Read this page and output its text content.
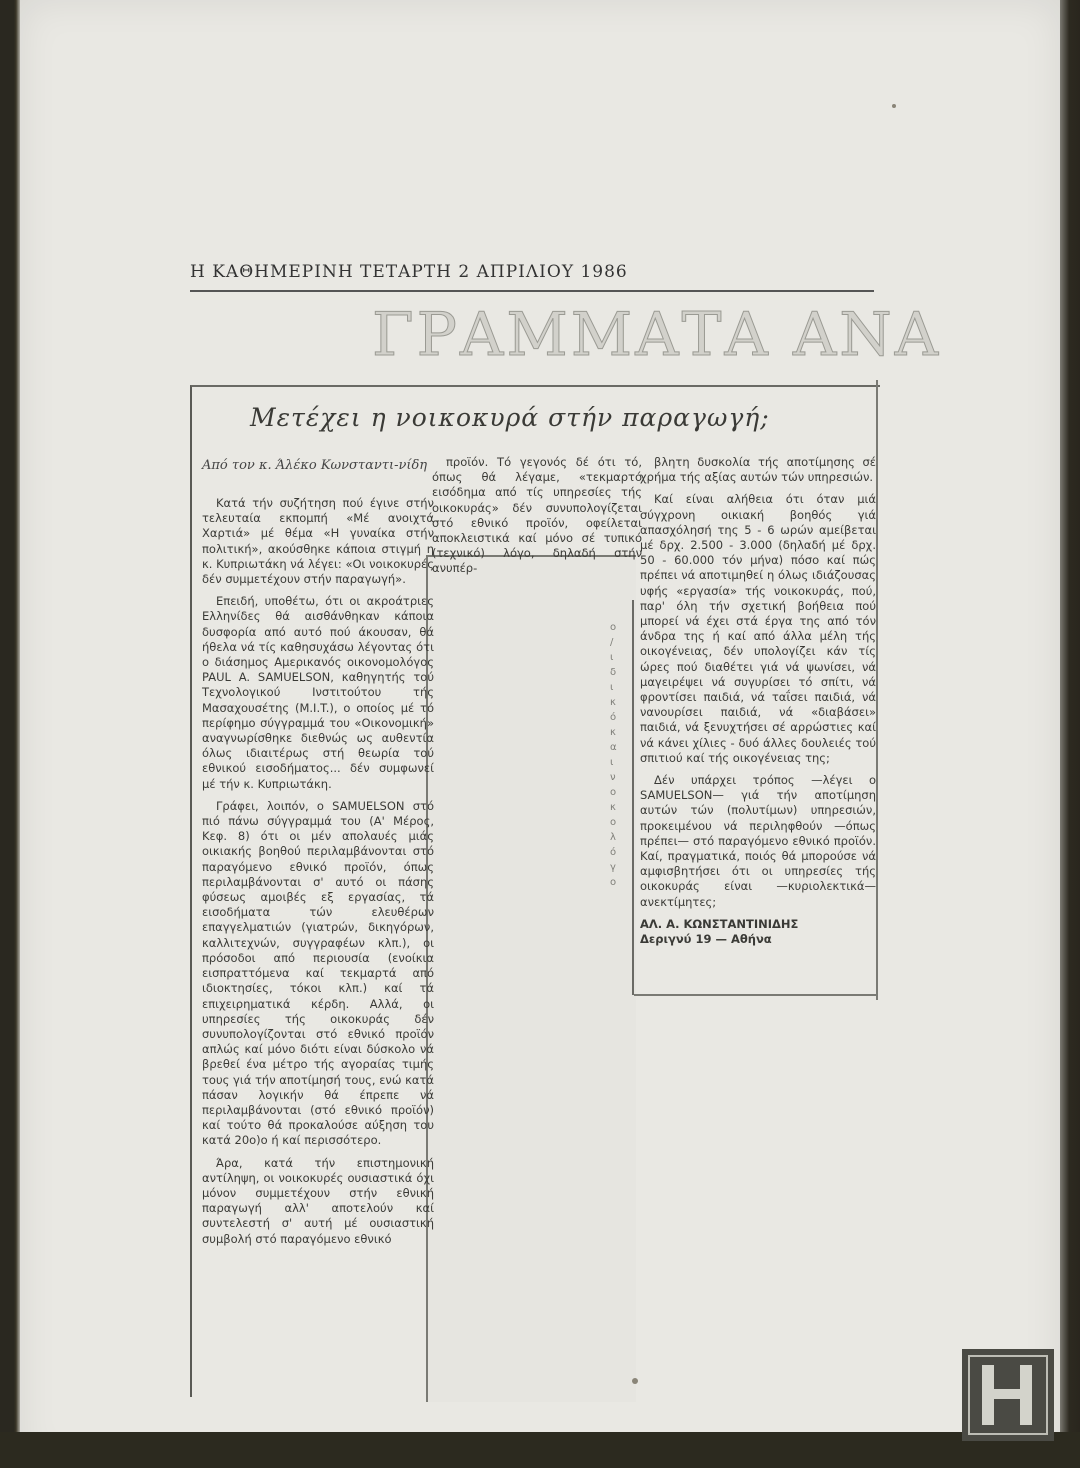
Η ΚΑΘΗΜΕΡΙΝΗ ΤΕΤΑΡΤΗ 2 ΑΠΡΙΛΙΟΥ 1986
ΓΡΑΜΜΑΤΑ ΑΝΑ
Μετέχει η νοικοκυρά στήν παραγωγή;
Από τον κ. Άλέκο Κωνσταντι-νίδη
ο
/
ι
δ
ι
κ
ό
κ
α
ι
ν
ο
κ
ο
λ
ό
γ
ο

Κατά τήν συζήτηση πού έγινε στήν τελευταία εκπομπή «Μέ ανοιχτά Χαρτιά» μέ θέμα «Η γυναίκα στήν πολιτική», ακούσθηκε κάποια στιγμή η κ. Κυπριωτάκη νά λέγει: «Οι νοικοκυρές δέν συμμετέχουν στήν παραγωγή».

Επειδή, υποθέτω, ότι οι ακροάτριες Ελληνίδες θά αισθάνθηκαν κάποια δυσφορία από αυτό πού άκουσαν, θά ήθελα νά τίς καθησυχάσω λέγοντας ότι ο διάσημος Αμερικανός οικονομολόγος PAUL A. SAMUELSON, καθηγητής τού Τεχνολογικού Ινστιτούτου τής Μασαχουσέτης (M.I.T.), ο οποίος μέ τό περίφημο σύγγραμμά του «Οικονομική» αναγνωρίσθηκε διεθνώς ως αυθεντία όλως ιδιαιτέρως στή θεωρία τού εθνικού εισοδήματος... δέν συμφωνεί μέ τήν κ. Κυπριωτάκη.

Γράφει, λοιπόν, ο SAMUELSON στό πιό πάνω σύγγραμμά του (Α' Μέρος, Κεφ. 8) ότι οι μέν απολαυές μιάς οικιακής βοηθού περιλαμβάνονται στό παραγόμενο εθνικό προϊόν, όπως περιλαμβάνονται σ' αυτό οι πάσης φύσεως αμοιβές εξ εργασίας, τά εισοδήματα τών ελευθέρων επαγγελματιών (γιατρών, δικηγόρων, καλλιτεχνών, συγγραφέων κλπ.), οι πρόσοδοι από περιουσία (ενοίκια εισπραττόμενα καί τεκμαρτά από ιδιοκτησίες, τόκοι κλπ.) καί τά επιχειρηματικά κέρδη. Αλλά, οι υπηρεσίες τής οικοκυράς δέν συνυπολογίζονται στό εθνικό προϊόν απλώς καί μόνο διότι είναι δύσκολο νά βρεθεί ένα μέτρο τής αγοραίας τιμής τους γιά τήν αποτίμησή τους, ενώ κατά πάσαν λογικήν θά έπρεπε νά περιλαμβάνονται (στό εθνικό προϊόν) καί τούτο θά προκαλούσε αύξηση του κατά 20ο)ο ή καί περισσότερο.

Άρα, κατά τήν επιστημονική αντίληψη, οι νοικοκυρές ουσιαστικά όχι μόνον συμμετέχουν στήν εθνική παραγωγή αλλ' αποτελούν καί συντελεστή σ' αυτή μέ ουσιαστική συμβολή στό παραγόμενο εθνικό

προϊόν. Τό γεγονός δέ ότι τό, όπως θά λέγαμε, «τεκμαρτό εισόδημα από τίς υπηρεσίες τής οικοκυράς» δέν συνυπολογίζεται στό εθνικό προϊόν, οφείλεται αποκλειστικά καί μόνο σέ τυπικό (τεχνικό) λόγο, δηλαδή στήν ανυπέρ-

βλητη δυσκολία τής αποτίμησης σέ χρήμα τής αξίας αυτών τών υπηρεσιών.

Καί είναι αλήθεια ότι όταν μιά σύγχρονη οικιακή βοηθός γιά απασχόλησή της 5 - 6 ωρών αμείβεται μέ δρχ. 2.500 - 3.000 (δηλαδή μέ δρχ. 50 - 60.000 τόν μήνα) πόσο καί πώς πρέπει νά αποτιμηθεί η όλως ιδιάζουσας υφής «εργασία» τής νοικοκυράς, πού, παρ' όλη τήν σχετική βοήθεια πού μπορεί νά έχει στά έργα της από τόν άνδρα της ή καί από άλλα μέλη τής οικογένειας, δέν υπολογίζει κάν τίς ώρες πού διαθέτει γιά νά ψωνίσει, νά μαγειρέψει νά συγυρίσει τό σπίτι, νά φροντίσει παιδιά, νά ταΐσει παιδιά, νά νανουρίσει παιδιά, νά «διαβάσει» παιδιά, νά ξενυχτήσει σέ αρρώστιες καί νά κάνει χίλιες - δυό άλλες δουλειές τού σπιτιού καί τής οικογένειας της;

Δέν υπάρχει τρόπος —λέγει ο SAMUELSON— γιά τήν αποτίμηση αυτών τών (πολυτίμων) υπηρεσιών, προκειμένου νά περιληφθούν —όπως πρέπει— στό παραγόμενο εθνικό προϊόν. Καί, πραγματικά, ποιός θά μπορούσε νά αμφισβητήσει ότι οι υπηρεσίες τής οικοκυράς είναι —κυριολεκτικά— ανεκτίμητες;

ΑΛ. Α. ΚΩΝΣΤΑΝΤΙΝΙΔΗΣ

Δεριγνύ 19 — Αθήνα
